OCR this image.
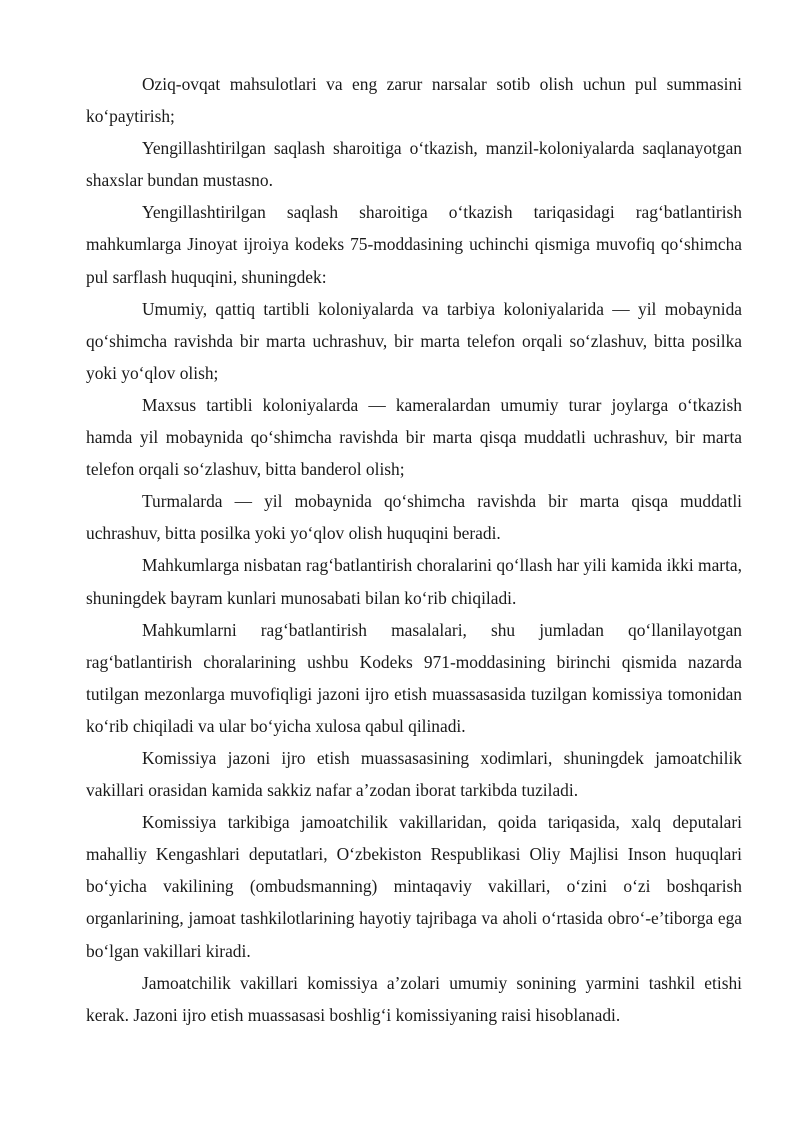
Oziq-ovqat mahsulotlari va eng zarur narsalar sotib olish uchun pul summasini ko‘paytirish;

Yengillashtirilgan saqlash sharoitiga o‘tkazish, manzil-koloniyalarda saqlanayotgan shaxslar bundan mustasno.

Yengillashtirilgan saqlash sharoitiga o‘tkazish tariqasidagi rag‘batlantirish mahkumlarga Jinoyat ijroiya kodeks 75-moddasining uchinchi qismiga muvofiq qo‘shimcha pul sarflash huquqini, shuningdek:

Umumiy, qattiq tartibli koloniyalarda va tarbiya koloniyalarida — yil mobaynida qo‘shimcha ravishda bir marta uchrashuv, bir marta telefon orqali so‘zlashuv, bitta posilka yoki yo‘qlov olish;

Maxsus tartibli koloniyalarda — kameralardan umumiy turar joylarga o‘tkazish hamda yil mobaynida qo‘shimcha ravishda bir marta qisqa muddatli uchrashuv, bir marta telefon orqali so‘zlashuv, bitta banderol olish;

Turmalarda — yil mobaynida qo‘shimcha ravishda bir marta qisqa muddatli uchrashuv, bitta posilka yoki yo‘qlov olish huquqini beradi.

Mahkumlarga nisbatan rag‘batlantirish choralarini qo‘llash har yili kamida ikki marta, shuningdek bayram kunlari munosabati bilan ko‘rib chiqiladi.

Mahkumlarni rag‘batlantirish masalalari, shu jumladan qo‘llanilayotgan rag‘batlantirish choralarining ushbu Kodeks 971-moddasining birinchi qismida nazarda tutilgan mezonlarga muvofiqligi jazoni ijro etish muassasasida tuzilgan komissiya tomonidan ko‘rib chiqiladi va ular bo‘yicha xulosa qabul qilinadi.

Komissiya jazoni ijro etish muassasasining xodimlari, shuningdek jamoatchilik vakillari orasidan kamida sakkiz nafar a’zodan iborat tarkibda tuziladi.

Komissiya tarkibiga jamoatchilik vakillaridan, qoida tariqasida, xalq deputalari mahalliy Kengashlari deputatlari, O‘zbekiston Respublikasi Oliy Majlisi Inson huquqlari bo‘yicha vakilining (ombudsmanning) mintaqaviy vakillari, o‘zini o‘zi boshqarish organlarining, jamoat tashkilotlarining hayotiy tajribaga va aholi o‘rtasida obro‘-e’tiborga ega bo‘lgan vakillari kiradi.

Jamoatchilik vakillari komissiya a’zolari umumiy sonining yarmini tashkil etishi kerak. Jazoni ijro etish muassasasi boshlig‘i komissiyaning raisi hisoblanadi.
